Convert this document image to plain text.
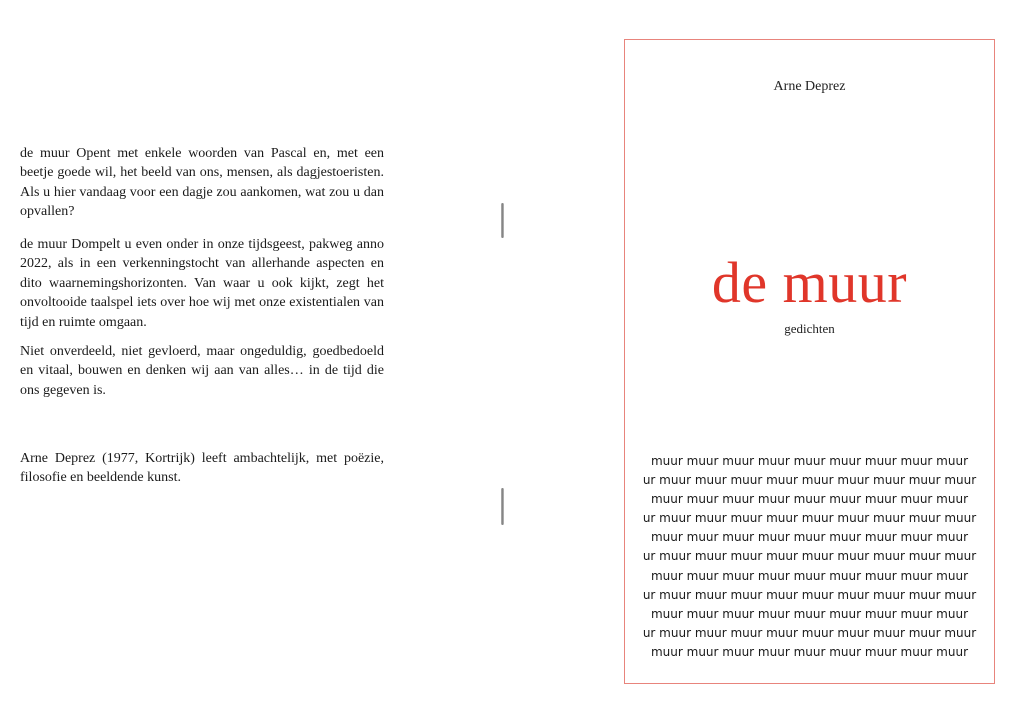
de muur Opent met enkele woorden van Pascal en, met een beetje goede wil, het beeld van ons, mensen, als dagjestoeristen. Als u hier vandaag voor een dagje zou aankomen, wat zou u dan opvallen?

de muur Dompelt u even onder in onze tijdsgeest, pakweg anno 2022, als in een verkenningstocht van allerhande aspecten en dito waarnemingshorizonten. Van waar u ook kijkt, zegt het onvoltooide taalspel iets over hoe wij met onze existentialen van tijd en ruimte omgaan.

Niet onverdeeld, niet gevloerd, maar ongeduldig, goedbedoeld en vitaal, bouwen en denken wij aan van alles… in de tijd die ons gegeven is.

Arne Deprez (1977, Kortrijk) leeft ambachtelijk, met poëzie, filosofie en beeldende kunst.

Arne Deprez
de muur
gedichten
muur muur muur muur muur muur muur muur muur
ur muur muur muur muur muur muur muur muur muur
muur muur muur muur muur muur muur muur muur
ur muur muur muur muur muur muur muur muur muur
muur muur muur muur muur muur muur muur muur
ur muur muur muur muur muur muur muur muur muur
muur muur muur muur muur muur muur muur muur
ur muur muur muur muur muur muur muur muur muur
muur muur muur muur muur muur muur muur muur
ur muur muur muur muur muur muur muur muur muur
muur muur muur muur muur muur muur muur muur
